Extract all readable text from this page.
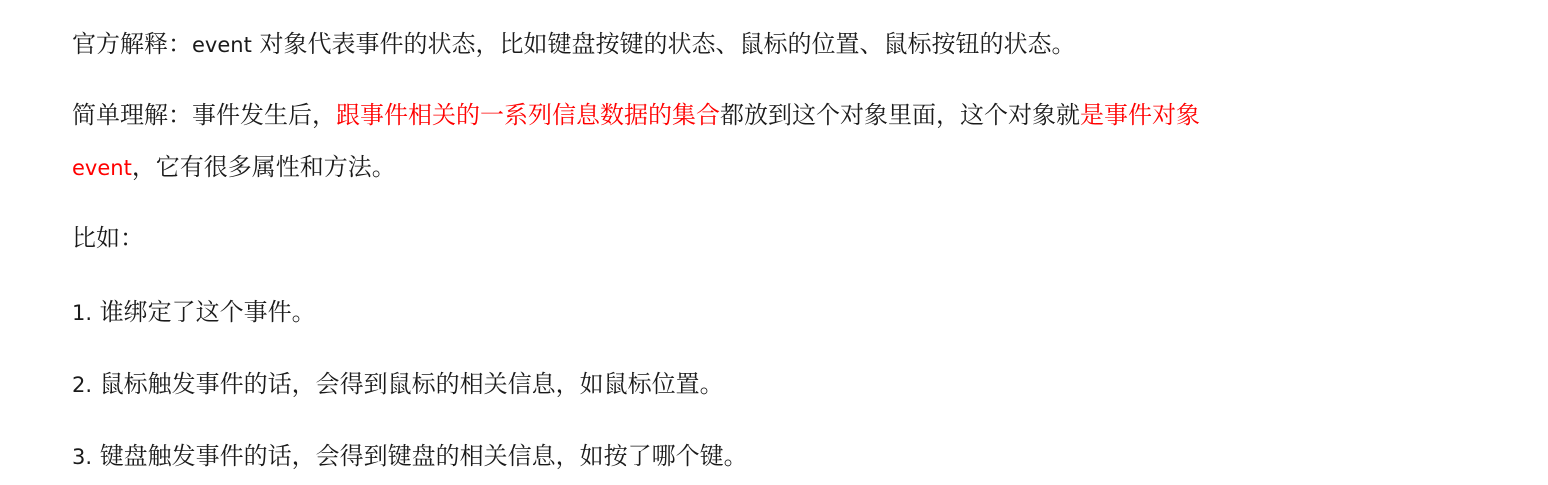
官方解释：event 对象代表事件的状态，比如键盘按键的状态、鼠标的位置、鼠标按钮的状态。

简单理解：事件发生后，跟事件相关的一系列信息数据的集合都放到这个对象里面，这个对象就是事件对象
event，它有很多属性和方法。

比如：

1. 谁绑定了这个事件。

2. 鼠标触发事件的话，会得到鼠标的相关信息，如鼠标位置。

3. 键盘触发事件的话，会得到键盘的相关信息，如按了哪个键。
